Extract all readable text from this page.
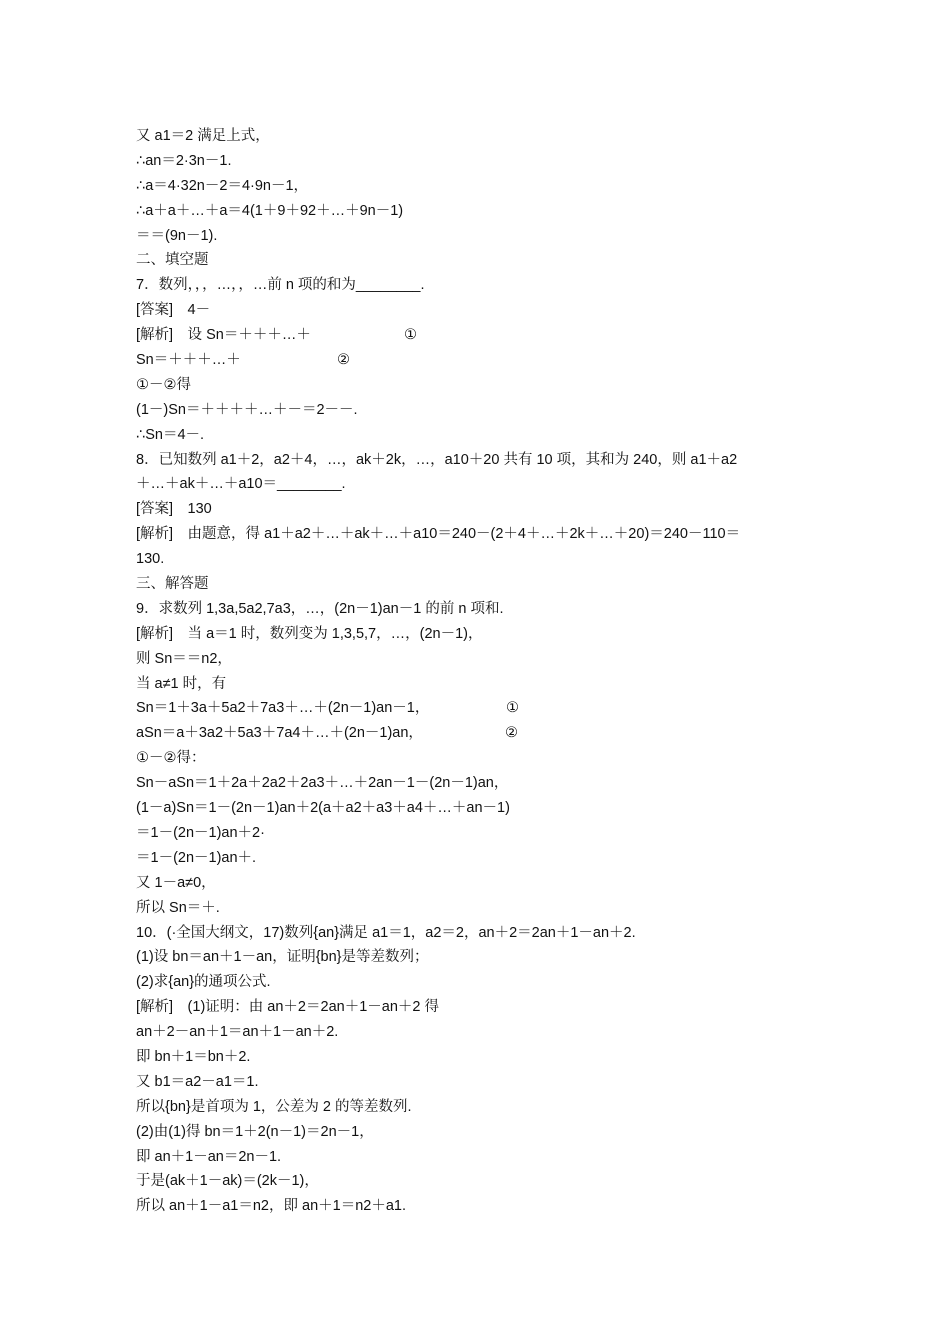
又 a1＝2 满足上式，
∴an＝2·3n－1.
∴a＝4·32n－2＝4·9n－1，
∴a＋a＋…＋a＝4(1＋9＋92＋…＋9n－1)
＝＝(9n－1).
二、填空题
7．数列，，，…，，…前 n 项的和为________.
[答案]　4－
[解析]　设 Sn＝＋＋＋…＋	①
Sn＝＋＋＋…＋	②
①－②得
(1－)Sn＝＋＋＋＋…＋－＝2－－.
∴Sn＝4－.
8．已知数列 a1＋2，a2＋4，…，ak＋2k，…，a10＋20 共有 10 项，其和为 240，则 a1＋a2
＋…＋ak＋…＋a10＝________.
[答案]　130
[解析]　由题意，得 a1＋a2＋…＋ak＋…＋a10＝240－(2＋4＋…＋2k＋…＋20)＝240－110＝
130.
三、解答题
9．求数列 1,3a,5a2,7a3，…，(2n－1)an－1 的前 n 项和.
[解析]　当 a＝1 时，数列变为 1,3,5,7，…，(2n－1)，
则 Sn＝＝n2，
当 a≠1 时，有
Sn＝1＋3a＋5a2＋7a3＋…＋(2n－1)an－1，	①
aSn＝a＋3a2＋5a3＋7a4＋…＋(2n－1)an，	②
①－②得：
Sn－aSn＝1＋2a＋2a2＋2a3＋…＋2an－1－(2n－1)an，
(1－a)Sn＝1－(2n－1)an＋2(a＋a2＋a3＋a4＋…＋an－1)
＝1－(2n－1)an＋2·
＝1－(2n－1)an＋.
又 1－a≠0，
所以 Sn＝＋.
10．(·全国大纲文，17)数列{an}满足 a1＝1，a2＝2，an＋2＝2an＋1－an＋2.
(1)设 bn＝an＋1－an，证明{bn}是等差数列；
(2)求{an}的通项公式.
[解析]　(1)证明：由 an＋2＝2an＋1－an＋2 得
an＋2－an＋1＝an＋1－an＋2.
即 bn＋1＝bn＋2.
又 b1＝a2－a1＝1.
所以{bn}是首项为 1，公差为 2 的等差数列.
(2)由(1)得 bn＝1＋2(n－1)＝2n－1，
即 an＋1－an＝2n－1.
于是(ak＋1－ak)＝(2k－1)，
所以 an＋1－a1＝n2，即 an＋1＝n2＋a1.
